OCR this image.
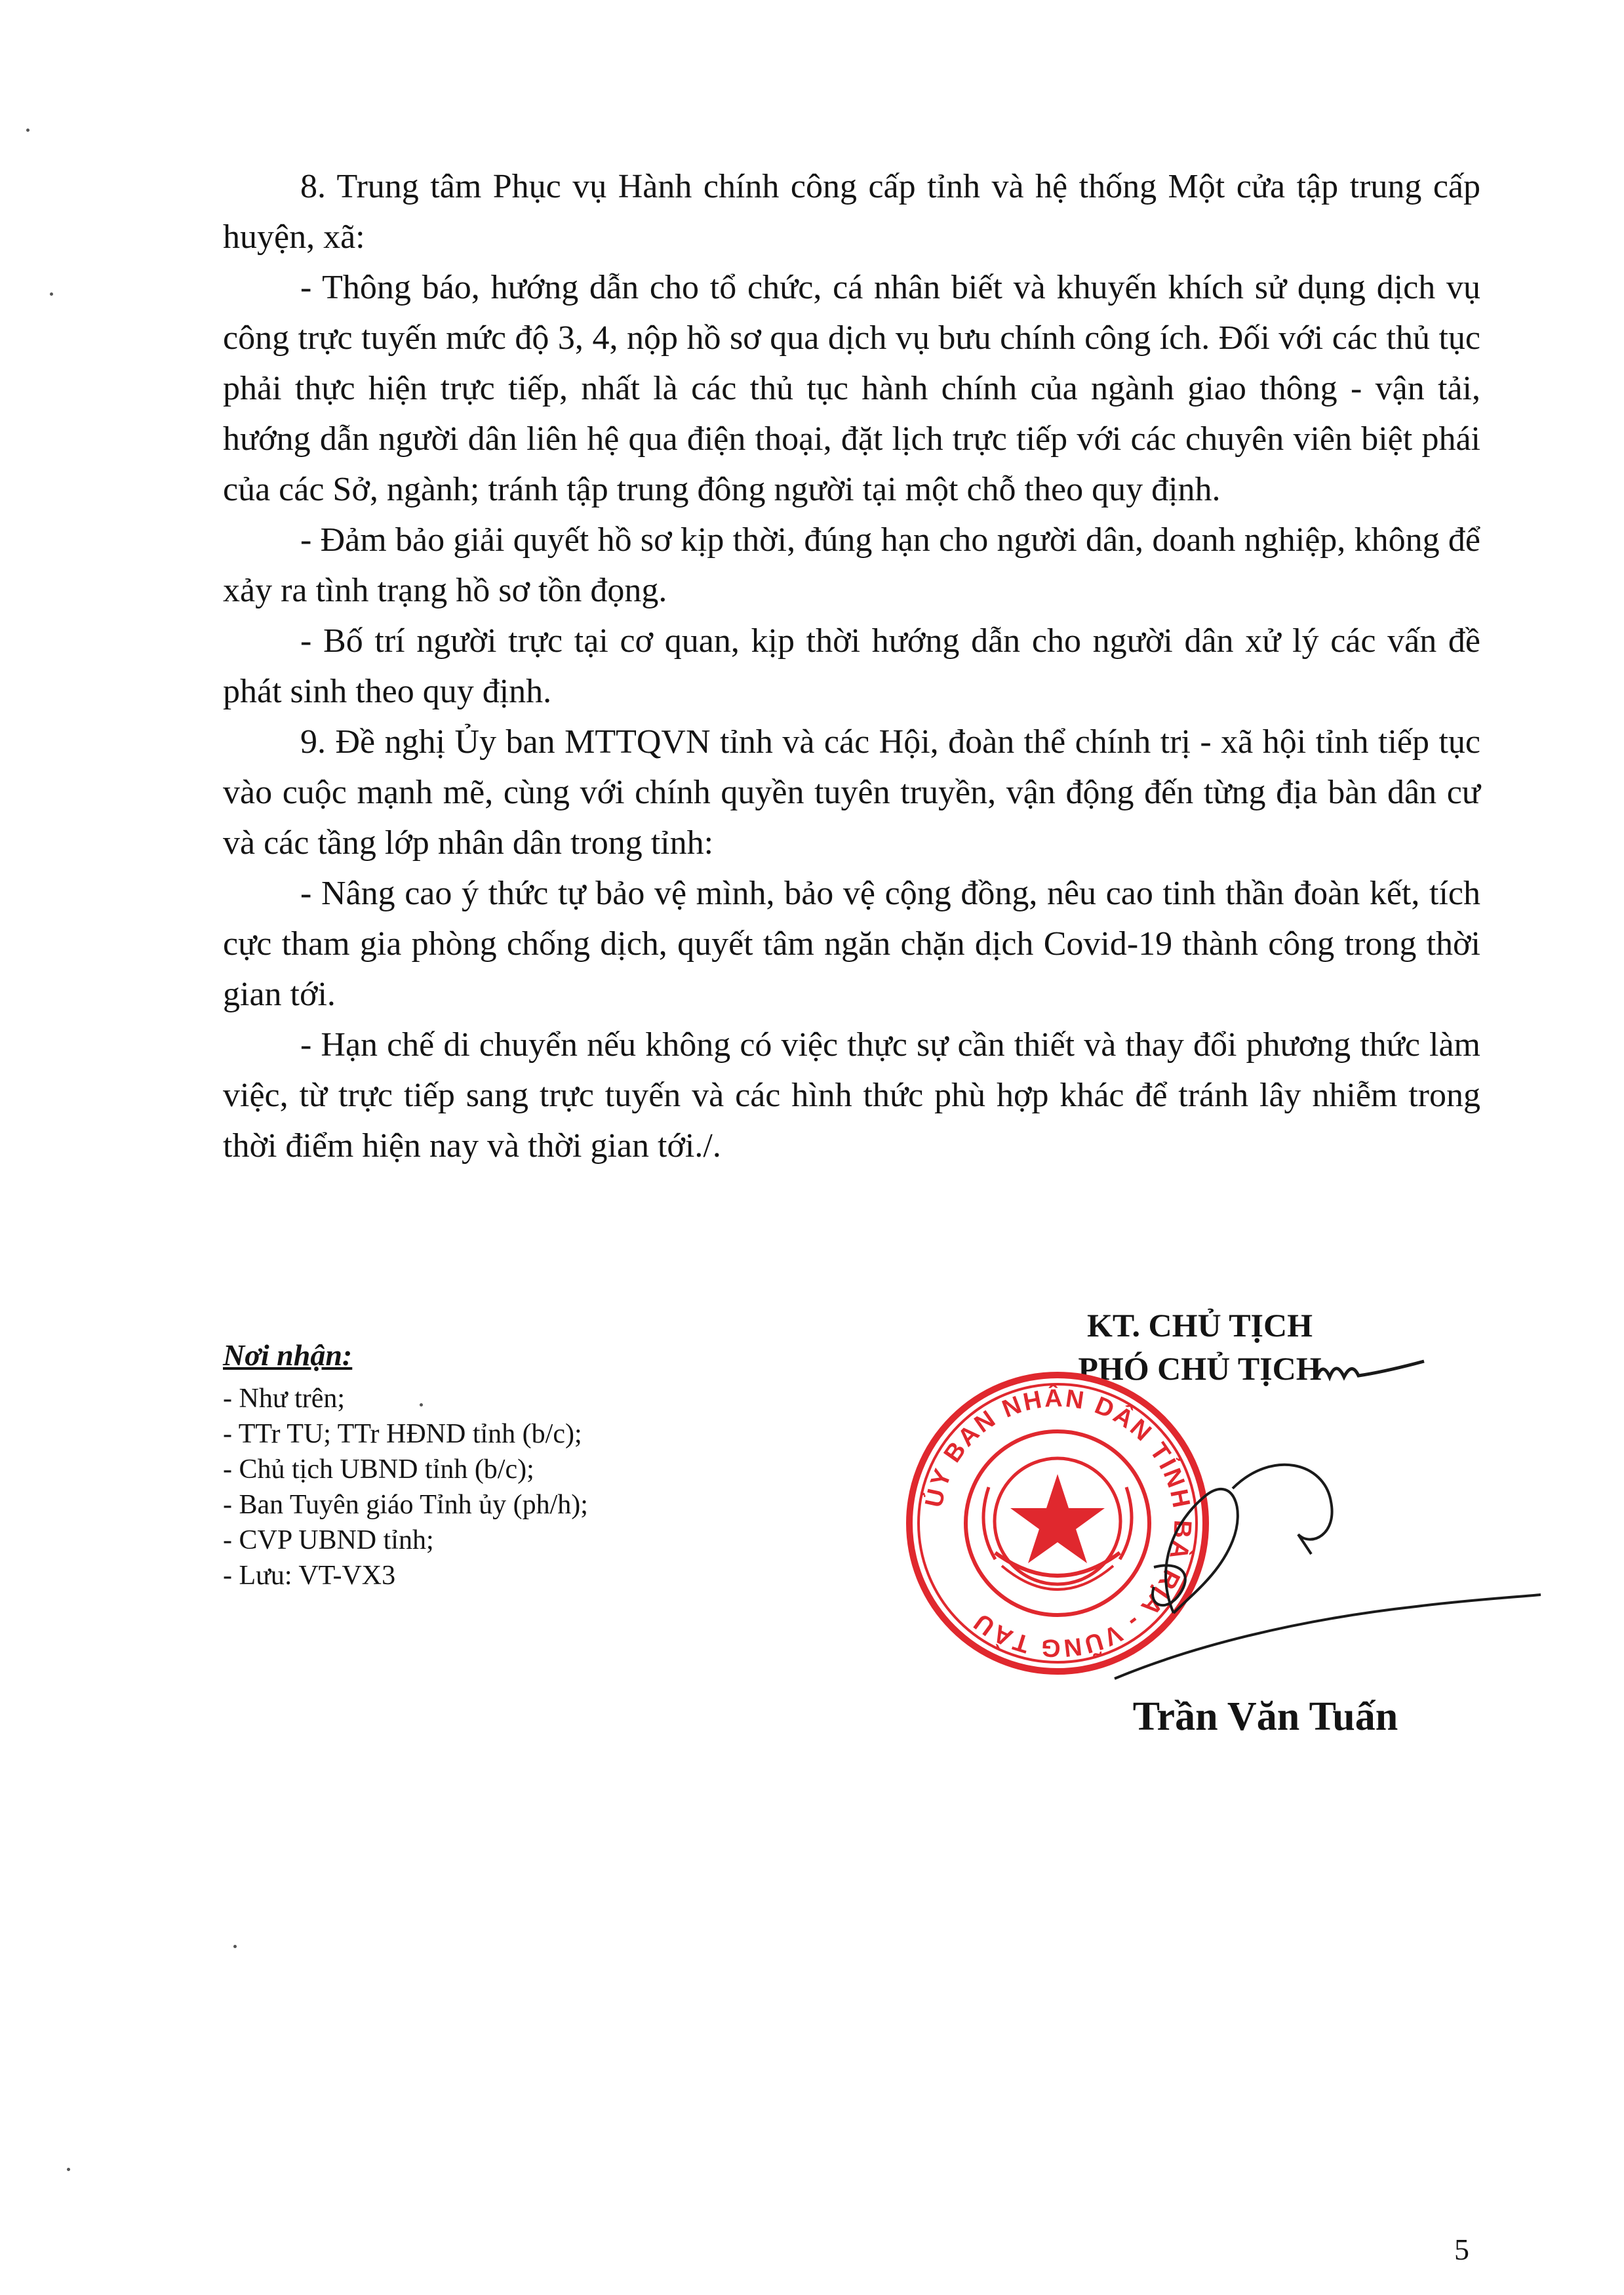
8. Trung tâm Phục vụ Hành chính công cấp tỉnh và hệ thống Một cửa tập trung cấp huyện, xã:

- Thông báo, hướng dẫn cho tổ chức, cá nhân biết và khuyến khích sử dụng dịch vụ công trực tuyến mức độ 3, 4, nộp hồ sơ qua dịch vụ bưu chính công ích. Đối với các thủ tục phải thực hiện trực tiếp, nhất là các thủ tục hành chính của ngành giao thông - vận tải, hướng dẫn người dân liên hệ qua điện thoại, đặt lịch trực tiếp với các chuyên viên biệt phái của các Sở, ngành; tránh tập trung đông người tại một chỗ theo quy định.

- Đảm bảo giải quyết hồ sơ kịp thời, đúng hạn cho người dân, doanh nghiệp, không để xảy ra tình trạng hồ sơ tồn đọng.

- Bố trí người trực tại cơ quan, kịp thời hướng dẫn cho người dân xử lý các vấn đề phát sinh theo quy định.

9. Đề nghị Ủy ban MTTQVN tỉnh và các Hội, đoàn thể chính trị - xã hội tỉnh tiếp tục vào cuộc mạnh mẽ, cùng với chính quyền tuyên truyền, vận động đến từng địa bàn dân cư và các tầng lớp nhân dân trong tỉnh:

- Nâng cao ý thức tự bảo vệ mình, bảo vệ cộng đồng, nêu cao tinh thần đoàn kết, tích cực tham gia phòng chống dịch, quyết tâm ngăn chặn dịch Covid-19 thành công trong thời gian tới.

- Hạn chế di chuyển nếu không có việc thực sự cần thiết và thay đổi phương thức làm việc, từ trực tiếp sang trực tuyến và các hình thức phù hợp khác để tránh lây nhiễm trong thời điểm hiện nay và thời gian tới./.

Nơi nhận:
- Như trên;
- TTr TU; TTr HĐND tỉnh (b/c);
- Chủ tịch UBND tỉnh (b/c);
- Ban Tuyên giáo Tỉnh ủy (ph/h);
- CVP UBND tỉnh;
- Lưu: VT-VX3

KT. CHỦ TỊCH

PHÓ CHỦ TỊCH

ỦY BAN NHÂN DÂN TỈNH BÀ RỊA - VŨNG TÀU
Trần Văn Tuấn
5
